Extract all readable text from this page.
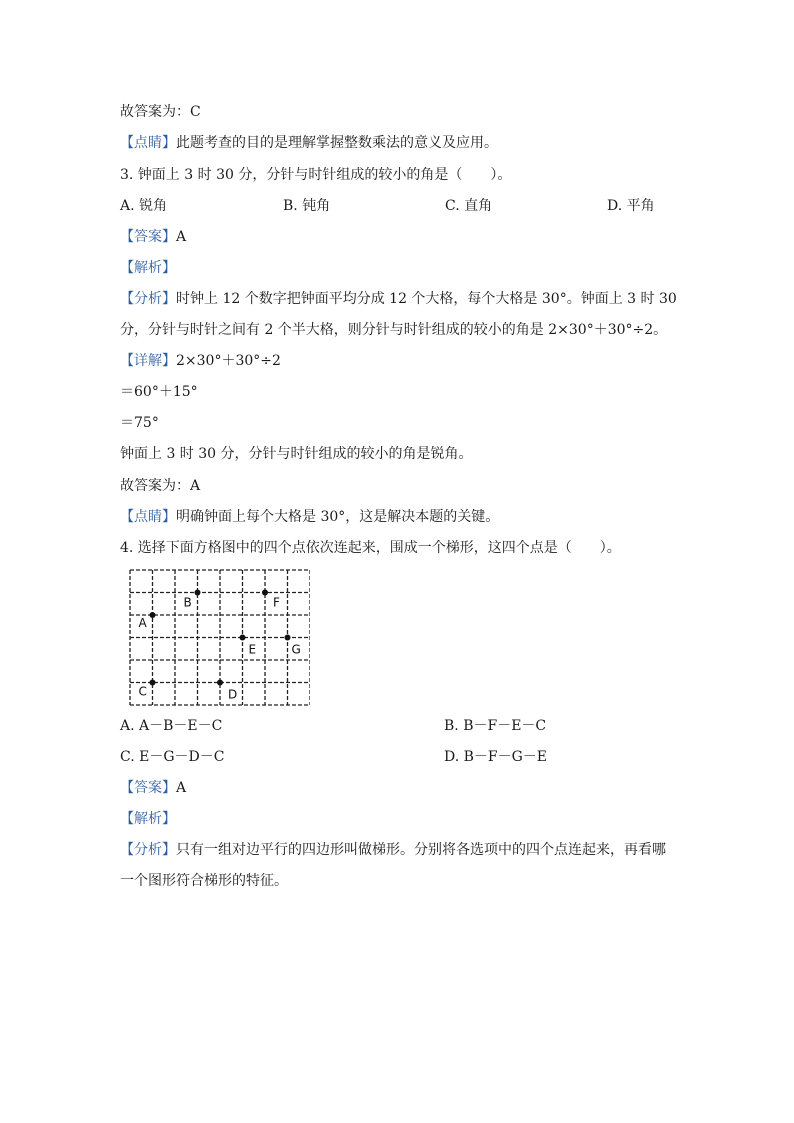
故答案为：C
【点睛】此题考查的目的是理解掌握整数乘法的意义及应用。
3. 钟面上 3 时 30 分，分针与时针组成的较小的角是（　　）。
A. 锐角	B. 钝角	C. 直角	D. 平角
【答案】A
【解析】
【分析】时钟上 12 个数字把钟面平均分成 12 个大格，每个大格是 30°。钟面上 3 时 30
分，分针与时针之间有 2 个半大格，则分针与时针组成的较小的角是 2×30°＋30°÷2。
【详解】2×30°＋30°÷2
＝60°＋15°
＝75°
钟面上 3 时 30 分，分针与时针组成的较小的角是锐角。
故答案为：A
【点睛】明确钟面上每个大格是 30°，这是解决本题的关键。
4. 选择下面方格图中的四个点依次连起来，围成一个梯形，这四个点是（　　）。
A
B	F
E	G
C	D
A. A－B－E－C	B. B－F－E－C
C. E－G－D－C	D. B－F－G－E
【答案】A
【解析】
【分析】只有一组对边平行的四边形叫做梯形。分别将各选项中的四个点连起来，再看哪
一个图形符合梯形的特征。
